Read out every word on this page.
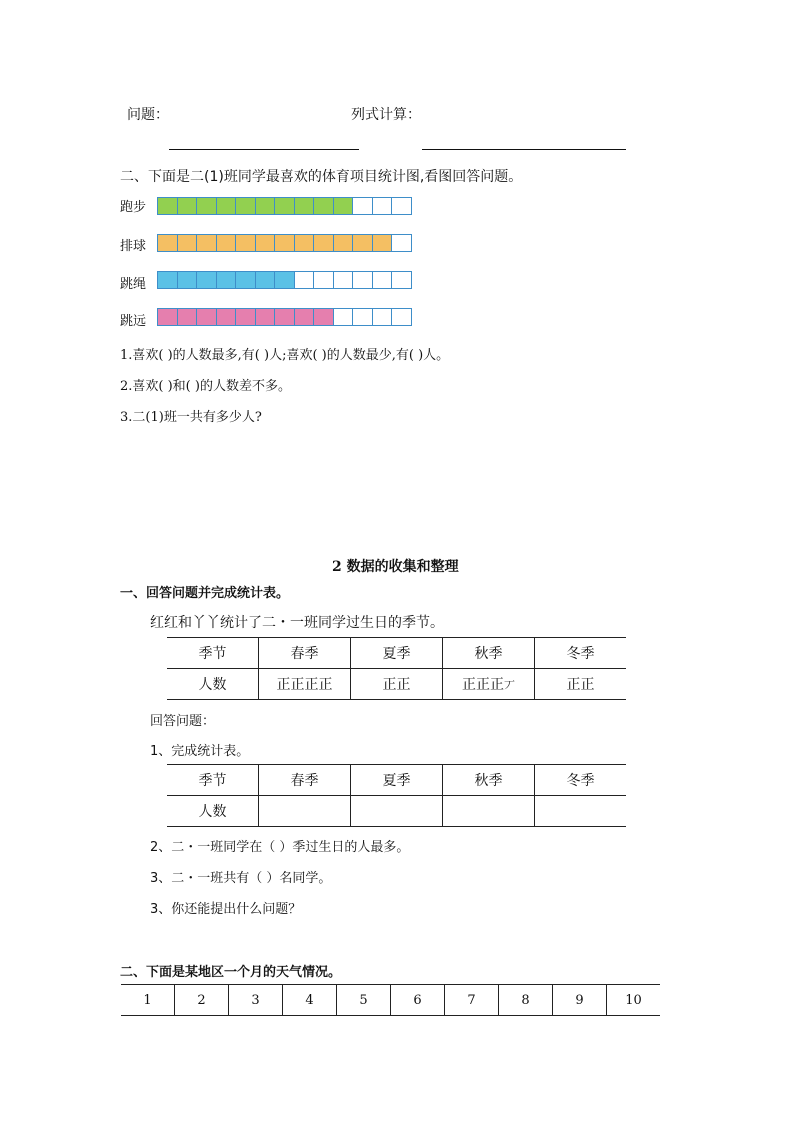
问题：	列式计算：
二、下面是二(1)班同学最喜欢的体育项目统计图,看图回答问题。
跑步
排球
跳绳
跳远
1.喜欢( )的人数最多,有( )人;喜欢( )的人数最少,有( )人。
2.喜欢( )和( )的人数差不多。
3.二(1)班一共有多少人?
2 数据的收集和整理
一、回答问题并完成统计表。
红红和丫丫统计了二・一班同学过生日的季节。
季节	春季	夏季	秋季	冬季
人数	正正正正	正正	正正正丆	正正
回答问题：
1、完成统计表。
季节	春季	夏季	秋季	冬季
人数				
2、二・一班同学在（ ）季过生日的人最多。
3、二・一班共有（ ）名同学。
3、你还能提出什么问题？
二、下面是某地区一个月的天气情况。
1	2	3	4	5	6	7	8	9	10
